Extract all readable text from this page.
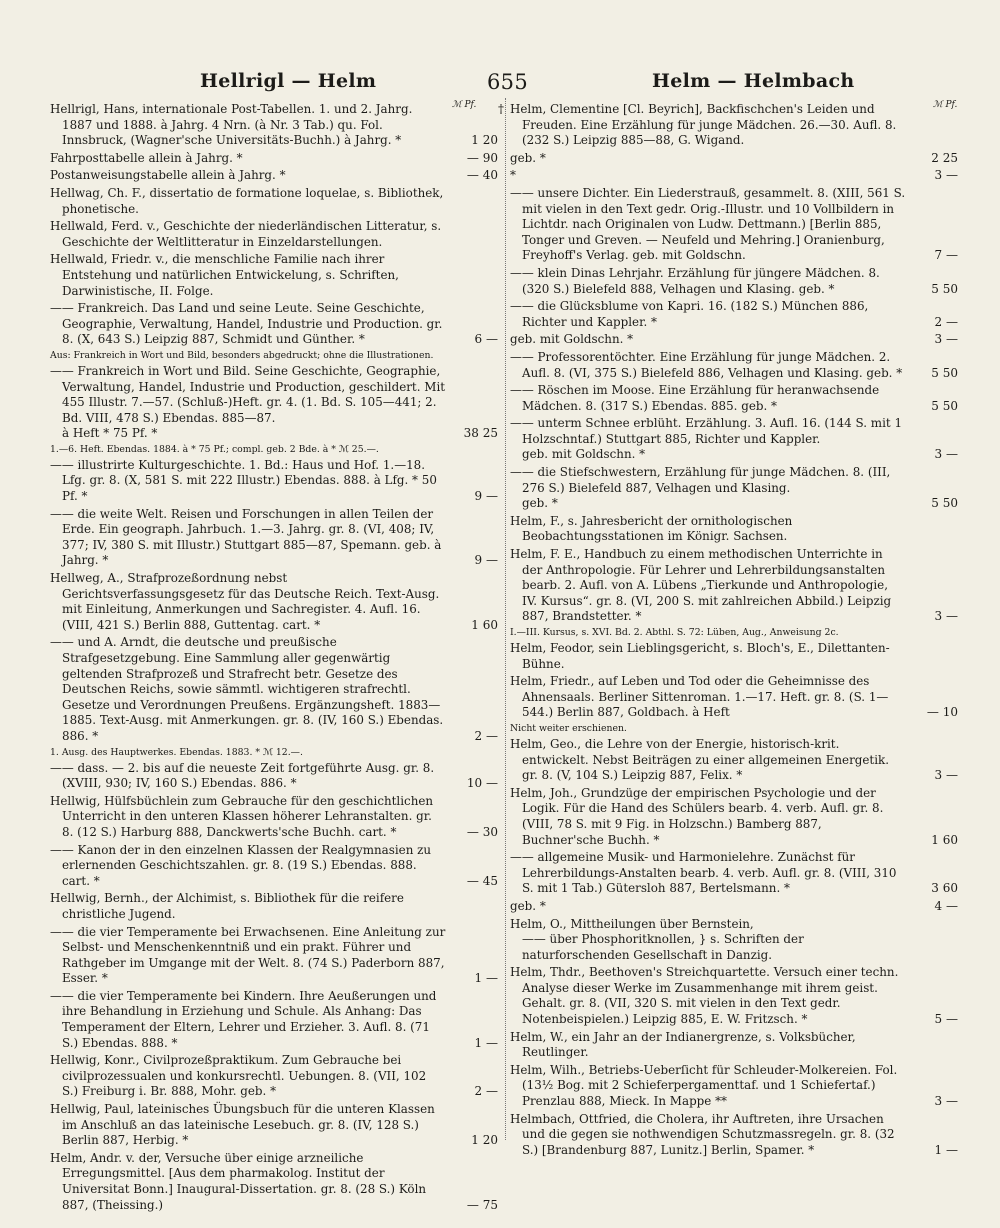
Hellrigl — Helm	655	Helm — Helmbach
ℳ Pf.	ℳ Pf.
Hellrigl, Hans, internationale Post-Tabellen. 1. und 2. Jahrg.
1887 und 1888. à Jahrg. 4 Nrn. (à Nr. 3 Tab.) qu. Fol.
Innsbruck, (Wagner'sche Universitäts-Buchh.) à Jahrg. *	1 20
Fahrposttabelle allein à Jahrg. *	— 90
Postanweisungstabelle allein à Jahrg. *	— 40
Hellwag, Ch. F., dissertatio de formatione loquelae, s. Bibliothek, phonetische.
Hellwald, Ferd. v., Geschichte der niederländischen Litteratur, s. Geschichte der Weltlitteratur in Einzeldarstellungen.
Hellwald, Friedr. v., die menschliche Familie nach ihrer Entstehung und natürlichen Entwickelung, s. Schriften, Darwinistische, II. Folge.
—— Frankreich. Das Land und seine Leute. Seine Geschichte, Geographie, Verwaltung, Handel, Industrie und Production. gr. 8. (X, 643 S.) Leipzig 887, Schmidt und Günther. *	6 —
Aus: Frankreich in Wort und Bild, besonders abgedruckt; ohne die Illustrationen.
—— Frankreich in Wort und Bild. Seine Geschichte, Geographie, Verwaltung, Handel, Industrie und Production, geschildert. Mit 455 Illustr. 7.—57. (Schluß-)Heft. gr. 4. (1. Bd. S. 105—441; 2. Bd. VIII, 478 S.) Ebendas. 885—87.
à Heft * 75 Pf. *	38 25
1.—6. Heft. Ebendas. 1884. à * 75 Pf.; compl. geb. 2 Bde. à * ℳ 25.—.
—— illustrirte Kulturgeschichte. 1. Bd.: Haus und Hof. 1.—18. Lfg. gr. 8. (X, 581 S. mit 222 Illustr.) Ebendas. 888. à Lfg. * 50 Pf. *	9 —
—— die weite Welt. Reisen und Forschungen in allen Teilen der Erde. Ein geograph. Jahrbuch. 1.—3. Jahrg. gr. 8. (VI, 408; IV, 377; IV, 380 S. mit Illustr.) Stuttgart 885—87, Spemann. geb. à Jahrg. *	9 —
Hellweg, A., Strafprozeßordnung nebst Gerichtsverfassungsgesetz für das Deutsche Reich. Text-Ausg. mit Einleitung, Anmerkungen und Sachregister. 4. Aufl. 16. (VIII, 421 S.) Berlin 888, Guttentag. cart. *	1 60
—— und A. Arndt, die deutsche und preußische Strafgesetzgebung. Eine Sammlung aller gegenwärtig geltenden Strafprozeß und Strafrecht betr. Gesetze des Deutschen Reichs, sowie sämmtl. wichtigeren strafrechtl. Gesetze und Verordnungen Preußens. Ergänzungsheft. 1883—1885. Text-Ausg. mit Anmerkungen. gr. 8. (IV, 160 S.) Ebendas. 886. *	2 —
1. Ausg. des Hauptwerkes. Ebendas. 1883. * ℳ 12.—.
—— dass. — 2. bis auf die neueste Zeit fortgeführte Ausg. gr. 8. (XVIII, 930; IV, 160 S.) Ebendas. 886. *	10 —
Hellwig, Hülfsbüchlein zum Gebrauche für den geschichtlichen Unterricht in den unteren Klassen höherer Lehranstalten. gr. 8. (12 S.) Harburg 888, Danckwerts'sche Buchh. cart. *	— 30
—— Kanon der in den einzelnen Klassen der Realgymnasien zu erlernenden Geschichtszahlen. gr. 8. (19 S.) Ebendas. 888.
cart. *	— 45
Hellwig, Bernh., der Alchimist, s. Bibliothek für die reifere christliche Jugend.
—— die vier Temperamente bei Erwachsenen. Eine Anleitung zur Selbst- und Menschenkenntniß und ein prakt. Führer und Rathgeber im Umgange mit der Welt. 8. (74 S.) Paderborn 887, Esser. *	1 —
—— die vier Temperamente bei Kindern. Ihre Aeußerungen und ihre Behandlung in Erziehung und Schule. Als Anhang: Das Temperament der Eltern, Lehrer und Erzieher. 3. Aufl. 8. (71 S.) Ebendas. 888. *	1 —
Hellwig, Konr., Civilprozeßpraktikum. Zum Gebrauche bei civilprozessualen und konkursrechtl. Uebungen. 8. (VII, 102 S.) Freiburg i. Br. 888, Mohr. geb. *	2 —
Hellwig, Paul, lateinisches Übungsbuch für die unteren Klassen im Anschluß an das lateinische Lesebuch. gr. 8. (IV, 128 S.) Berlin 887, Herbig. *	1 20
Helm, Andr. v. der, Versuche über einige arzneiliche Erregungsmittel. [Aus dem pharmakolog. Institut der Universitat Bonn.] Inaugural-Dissertation. gr. 8. (28 S.) Köln 887, (Theissing.)	— 75
† Helm, Clementine [Cl. Beyrich], Backfischchen's Leiden und Freuden. Eine Erzählung für junge Mädchen. 26.—30. Aufl. 8. (232 S.) Leipzig 885—88, G. Wigand.
geb. *	2 25
*	3 —
—— unsere Dichter. Ein Liederstrauß, gesammelt. 8. (XIII, 561 S. mit vielen in den Text gedr. Orig.-Illustr. und 10 Vollbildern in Lichtdr. nach Originalen von Ludw. Dettmann.) [Berlin 885, Tonger und Greven. — Neufeld und Mehring.] Oranienburg, Freyhoff's Verlag. geb. mit Goldschn.	7 —
—— klein Dinas Lehrjahr. Erzählung für jüngere Mädchen. 8. (320 S.) Bielefeld 888, Velhagen und Klasing. geb. *	5 50
—— die Glücksblume von Kapri. 16. (182 S.) München 886, Richter und Kappler. *	2 —
geb. mit Goldschn. *	3 —
—— Professorentöchter. Eine Erzählung für junge Mädchen. 2. Aufl. 8. (VI, 375 S.) Bielefeld 886, Velhagen und Klasing. geb. *	5 50
—— Röschen im Moose. Eine Erzählung für heranwachsende Mädchen. 8. (317 S.) Ebendas. 885. geb. *	5 50
—— unterm Schnee erblüht. Erzählung. 3. Aufl. 16. (144 S. mit 1 Holzschntaf.) Stuttgart 885, Richter und Kappler.
geb. mit Goldschn. *	3 —
—— die Stiefschwestern, Erzählung für junge Mädchen. 8. (III, 276 S.) Bielefeld 887, Velhagen und Klasing.
geb. *	5 50
Helm, F., s. Jahresbericht der ornithologischen Beobachtungsstationen im Königr. Sachsen.
Helm, F. E., Handbuch zu einem methodischen Unterrichte in der Anthropologie. Für Lehrer und Lehrerbildungsanstalten bearb. 2. Aufl. von A. Lübens „Tierkunde und Anthropologie, IV. Kursus“. gr. 8. (VI, 200 S. mit zahlreichen Abbild.) Leipzig 887, Brandstetter. *	3 —
I.—III. Kursus, s. XVI. Bd. 2. Abthl. S. 72: Lüben, Aug., Anweisung 2c.
Helm, Feodor, sein Lieblingsgericht, s. Bloch's, E., Dilettanten-Bühne.
Helm, Friedr., auf Leben und Tod oder die Geheimnisse des Ahnensaals. Berliner Sittenroman. 1.—17. Heft. gr. 8. (S. 1—544.) Berlin 887, Goldbach. à Heft	— 10
Nicht weiter erschienen.
Helm, Geo., die Lehre von der Energie, historisch-krit. entwickelt. Nebst Beiträgen zu einer allgemeinen Energetik. gr. 8. (V, 104 S.) Leipzig 887, Felix. *	3 —
Helm, Joh., Grundzüge der empirischen Psychologie und der Logik. Für die Hand des Schülers bearb. 4. verb. Aufl. gr. 8. (VIII, 78 S. mit 9 Fig. in Holzschn.) Bamberg 887, Buchner'sche Buchh. *	1 60
—— allgemeine Musik- und Harmonielehre. Zunächst für Lehrerbildungs-Anstalten bearb. 4. verb. Aufl. gr. 8. (VIII, 310 S. mit 1 Tab.) Gütersloh 887, Bertelsmann. *	3 60
geb. *	4 —
Helm, O., Mittheilungen über Bernstein,
—— über Phosphoritknollen, } s. Schriften der naturforschenden Gesellschaft in Danzig.
Helm, Thdr., Beethoven's Streichquartette. Versuch einer techn. Analyse dieser Werke im Zusammenhange mit ihrem geist. Gehalt. gr. 8. (VII, 320 S. mit vielen in den Text gedr. Notenbeispielen.) Leipzig 885, E. W. Fritzsch. *	5 —
Helm, W., ein Jahr an der Indianergrenze, s. Volksbücher, Reutlinger.
Helm, Wilh., Betriebs-Ueberſicht für Schleuder-Molkereien. Fol. (13½ Bog. mit 2 Schieferpergamenttaf. und 1 Schiefertaf.) Prenzlau 888, Mieck. In Mappe **	3 —
Helmbach, Ottfried, die Cholera, ihr Auftreten, ihre Ursachen und die gegen sie nothwendigen Schutzmassregeln. gr. 8. (32 S.) [Brandenburg 887, Lunitz.] Berlin, Spamer. *	1 —
